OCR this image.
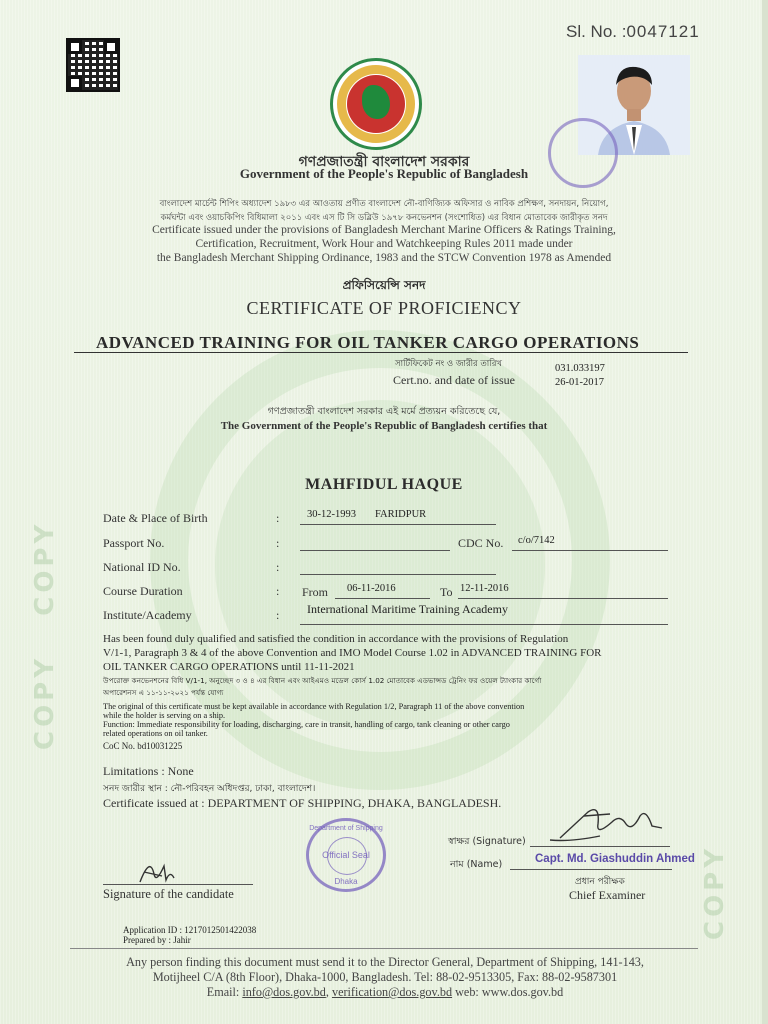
COPY   COPY
COPY
Sl. No. :0047121
গণপ্রজাতন্ত্রী বাংলাদেশ সরকার
Government of the People's Republic of Bangladesh
বাংলাদেশ মার্চেন্ট শিপিং অধ্যাদেশ ১৯৮৩ এর আওতায় প্রণীত বাংলাদেশ নৌ-বাণিজ্যিক অফিসার ও নাবিক প্রশিক্ষণ, সনদায়ন, নিয়োগ,
কর্মঘন্টা এবং ওয়াচকিপিং বিধিমালা ২০১১ এবং এস টি সি ডব্লিউ ১৯৭৮ কনভেনশন (সংশোধিত) এর বিধান মোতাবেক জারীকৃত সনদ
Certificate issued under the provisions of Bangladesh Merchant Marine Officers & Ratings Training,
Certification, Recruitment, Work Hour and Watchkeeping Rules 2011 made under
the Bangladesh Merchant Shipping Ordinance, 1983 and the STCW Convention 1978 as Amended
প্রফিসিয়েন্সি সনদ
CERTIFICATE OF PROFICIENCY
ADVANCED TRAINING FOR OIL TANKER CARGO OPERATIONS
সার্টিফিকেট নং ও জারীর তারিখ
Cert.no. and date of issue
031.033197
26-01-2017
গণপ্রজাতন্ত্রী বাংলাদেশ সরকার এই মর্মে প্রত্যয়ন করিতেছে যে,
The Government of the People's Republic of Bangladesh certifies that
MAHFIDUL HAQUE
Date & Place of Birth	:	30-12-1993 FARIDPUR
Passport No.	:	CDC No. c/o/7142
National ID No.	:
Course Duration	: From 06-11-2016	To 12-11-2016
Institute/Academy	: International Maritime Training Academy
Has been found duly qualified and satisfied the condition in accordance with the provisions of Regulation
V/1-1, Paragraph 3 & 4 of the above Convention and IMO Model Course 1.02 in ADVANCED TRAINING FOR
OIL TANKER CARGO OPERATIONS until 11-11-2021
উপরোক্ত কনভেনশনের বিধি V/1-1, অনুচ্ছেদ ৩ ও ৪ এর বিধান এবং আইএমও মডেল কোর্স 1.02 মোতাবেক এডভান্সড ট্রেনিং ফর ওয়েল ট্যাংকার কার্গো
অপারেশনস এ ১১-১১-২০২১ পর্যন্ত যোগ্য
The original of this certificate must be kept available in accordance with Regulation 1/2, Paragraph 11 of the above convention
while the holder is serving on a ship.
Function: Immediate responsibility for loading, discharging, care in transit, handling of cargo, tank cleaning or other cargo
related operations on oil tanker.
CoC No. bd10031225
Limitations : None
সনদ জারীর স্থান : নৌ-পরিবহন অধিদপ্তর, ঢাকা, বাংলাদেশ।
Certificate issued at : DEPARTMENT OF SHIPPING, DHAKA, BANGLADESH.
Department of Shipping
Official Seal
Dhaka
স্বাক্ষর (Signature)
নাম (Name)	Capt. Md. Giashuddin Ahmed
প্রধান পরীক্ষক
Chief Examiner
Signature of the candidate
Application ID : 1217012501422038
Prepared by : Jahir
Any person finding this document must send it to the Director General, Department of Shipping, 141-143,
Motijheel C/A (8th Floor), Dhaka-1000, Bangladesh. Tel: 88-02-9513305, Fax: 88-02-9587301
Email: info@dos.gov.bd, verification@dos.gov.bd web: www.dos.gov.bd
